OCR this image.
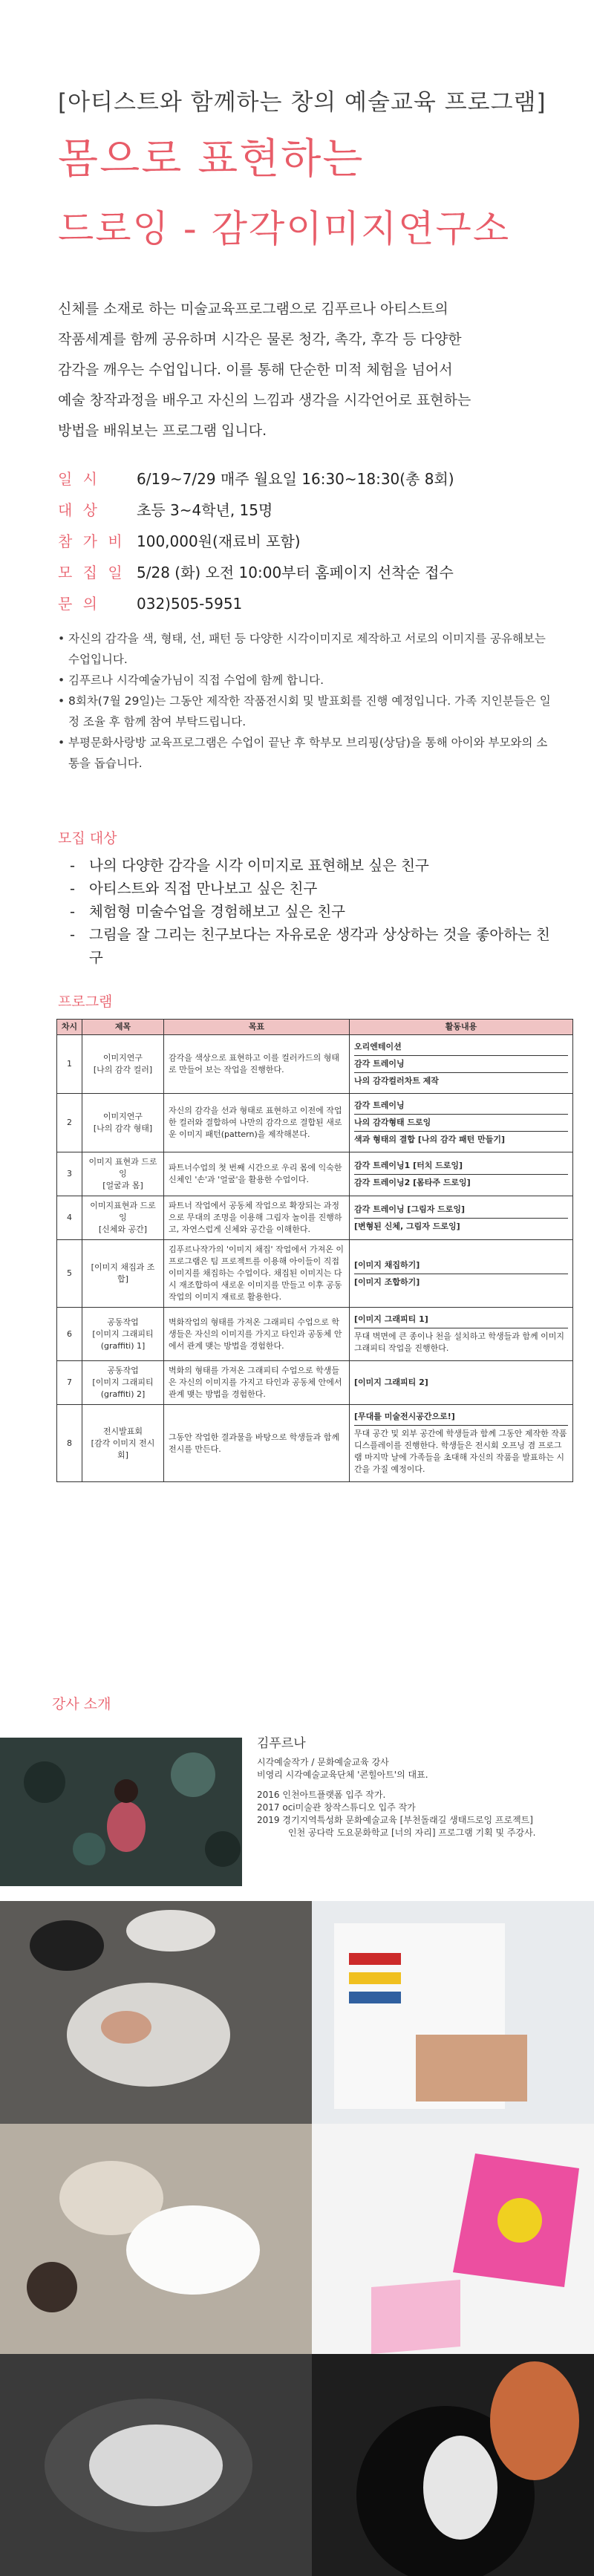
[아티스트와 함께하는 창의 예술교육 프로그램]
몸으로 표현하는
드로잉 - 감각이미지연구소
신체를 소재로 하는 미술교육프로그램으로 김푸르나 아티스트의
작품세계를 함께 공유하며 시각은 물론 청각, 촉각, 후각 등 다양한
감각을 깨우는 수업입니다. 이를 통해 단순한 미적 체험을 넘어서
예술 창작과정을 배우고 자신의 느낌과 생각을 시각언어로 표현하는
방법을 배워보는 프로그램 입니다.
일 시	6/19~7/29 매주 월요일 16:30~18:30(총 8회)
대 상	초등 3~4학년, 15명
참 가 비 100,000원(재료비 포함)
모 집 일 5/28 (화) 오전 10:00부터 홈페이지 선착순 접수
문 의	032)505-5951
• 자신의 감각을 색, 형태, 선, 패턴 등 다양한 시각이미지로 제작하고 서로의 이미지를 공유해보는 수업입니다.
• 김푸르나 시각예술가님이 직접 수업에 함께 합니다.
• 8회차(7월 29일)는 그동안 제작한 작품전시회 및 발표회를 진행 예정입니다. 가족 지인분들은 일정 조율 후 함께 참여 부탁드립니다.
• 부평문화사랑방 교육프로그램은 수업이 끝난 후 학부모 브리핑(상담)을 통해 아이와 부모와의 소통을 돕습니다.
모집 대상
- 나의 다양한 감각을 시각 이미지로 표현해보 싶은 친구
- 아티스트와 직접 만나보고 싶은 친구
- 체험형 미술수업을 경험해보고 싶은 친구
- 그림을 잘 그리는 친구보다는 자유로운 생각과 상상하는 것을 좋아하는 친구
프로그램
차시	제목	목표	활동내용
1	이미지연구
[나의 감각 컬러]	감각을 색상으로 표현하고 이를 컬러카드의 형태로 만들어 보는 작업을 진행한다.	오리엔테이션
감각 트레이닝
나의 감각컬러차트 제작

2	이미지연구
[나의 감각 형태]	자신의 감각을 선과 형태로 표현하고 이전에 작업한 컬러와 결합하여 나만의 감각으로 결합된 새로운 이미지 패턴(pattern)을 제작해본다.	감각 트레이닝
나의 감각형태 드로잉
색과 형태의 결합 [나의 감각 패턴 만들기]

3	이미지 표현과 드로잉
[얼굴과 몸]	파트너수업의 첫 번째 시간으로 우리 몸에 익숙한 신체인 '손'과 '얼굴'을 활용한 수업이다.	감각 트레이닝1 [터치 드로잉]
감각 트레이닝2 [몸타주 드로잉]

4	이미지표현과 드로잉
[신체와 공간]	파트너 작업에서 공동체 작업으로 확장되는 과정으로 무대의 조명을 이용해 그림자 놀이를 진행하고, 자연스럽게 신체와 공간을 이해한다.	감각 트레이닝 [그림자 드로잉]
[변형된 신체, 그림자 드로잉]

5	[이미지 채집과 조합]	김푸르나작가의 '이미지 채집' 작업에서 가져온 이 프로그램은 팀 프로젝트를 이용해 아이들이 직접 이미지를 채집하는 수업이다. 채집된 이미지는 다시 재조합하여 새로운 이미지를 만들고 이후 공동작업의 이미지 재료로 활용한다.	[이미지 채집하기]
[이미지 조합하기]

6	공동작업
[이미지 그래피티
(graffiti) 1]	벽화작업의 형태를 가져온 그래피티 수업으로 학생들은 자신의 이미지를 가지고 타인과 공동체 안에서 관계 맺는 방법을 경험한다.	[이미지 그래피티 1]
무대 벽면에 큰 종이나 천을 설치하고 학생들과 함께 이미지 그래피티 작업을 진행한다.

7	공동작업
[이미지 그래피티
(graffiti) 2]	벽화의 형태를 가져온 그래피티 수업으로 학생들은 자신의 이미지를 가지고 타인과 공동체 안에서 관계 맺는 방법을 경험한다.	[이미지 그래피티 2]

8	전시발표회
[감각 이미지 전시회]	그동안 작업한 결과물을 바탕으로 학생들과 함께 전시를 만든다.	[무대를 미술전시공간으로!]
무대 공간 및 외부 공간에 학생들과 함께 그동안 제작한 작품 디스플레이를 진행한다. 학생들은 전시회 오프닝 겸 프로그램 마지막 날에 가족들을 초대해 자신의 작품을 발표하는 시간을 가질 예정이다.
강사 소개
김푸르나
시각예술작가 / 문화예술교육 강사
비영리 시각예술교육단체 '콘힐아트'의 대표.
2016 인천아트플랫폼 입주 작가.
2017 oci미술관 창작스튜디오 입주 작가
2019 경기지역특성화 문화예술교육 [부천돌래길 생태드로잉 프로젝트]
인천 공다락 도요문화학교 [너의 자리] 프로그램 기획 및 주강사.
